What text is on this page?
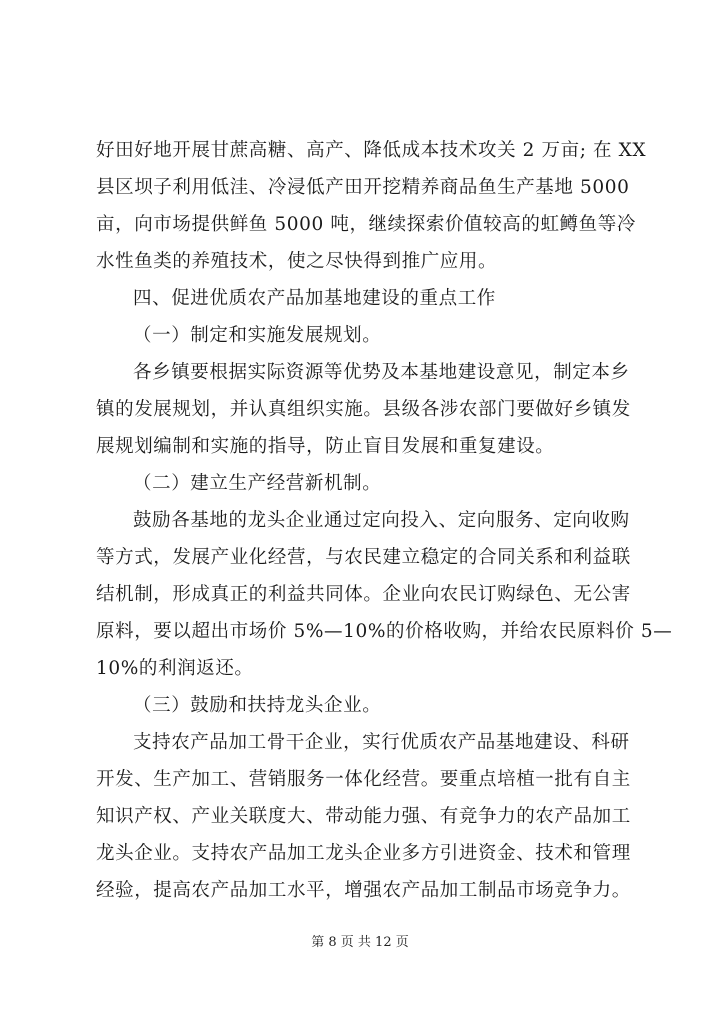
好田好地开展甘蔗高糖、高产、降低成本技术攻关 2 万亩; 在 XX
县区坝子利用低洼、冷浸低产田开挖精养商品鱼生产基地 5000
亩，向市场提供鲜鱼 5000 吨，继续探索价值较高的虹鳟鱼等冷
水性鱼类的养殖技术，使之尽快得到推广应用。
四、促进优质农产品加基地建设的重点工作
（一）制定和实施发展规划。
各乡镇要根据实际资源等优势及本基地建设意见，制定本乡
镇的发展规划，并认真组织实施。县级各涉农部门要做好乡镇发
展规划编制和实施的指导，防止盲目发展和重复建设。
（二）建立生产经营新机制。
鼓励各基地的龙头企业通过定向投入、定向服务、定向收购
等方式，发展产业化经营，与农民建立稳定的合同关系和利益联
结机制，形成真正的利益共同体。企业向农民订购绿色、无公害
原料，要以超出市场价 5%—10%的价格收购，并给农民原料价 5—
10%的利润返还。
（三）鼓励和扶持龙头企业。
支持农产品加工骨干企业，实行优质农产品基地建设、科研
开发、生产加工、营销服务一体化经营。要重点培植一批有自主
知识产权、产业关联度大、带动能力强、有竞争力的农产品加工
龙头企业。支持农产品加工龙头企业多方引进资金、技术和管理
经验，提高农产品加工水平，增强农产品加工制品市场竞争力。
第 8 页 共 12 页
